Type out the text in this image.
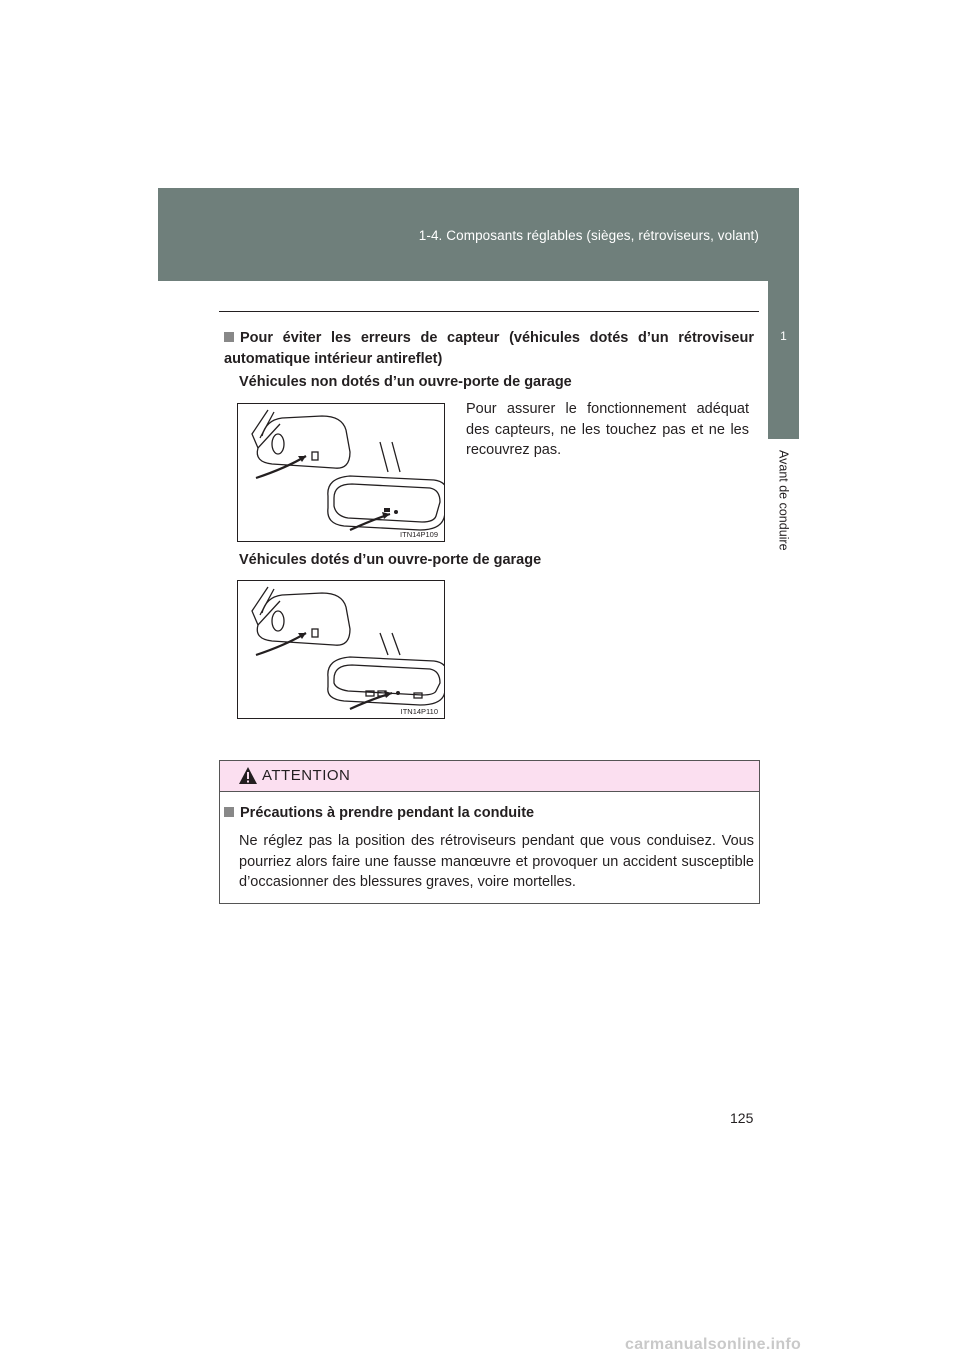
1-4. Composants réglables (sièges, rétroviseurs, volant)
1
Avant de conduire
Pour éviter les erreurs de capteur (véhicules dotés d’un rétroviseur automatique intérieur antireflet)
Véhicules non dotés d’un ouvre-porte de garage
ITN14P109
Pour assurer le fonctionnement adéquat des capteurs, ne les touchez pas et ne les recouvrez pas.
Véhicules dotés d’un ouvre-porte de garage
ITN14P110
ATTENTION
Précautions à prendre pendant la conduite
Ne réglez pas la position des rétroviseurs pendant que vous conduisez. Vous pourriez alors faire une fausse manœuvre et provoquer un accident susceptible d’occasionner des blessures graves, voire mortelles.
125
carmanualsonline.info
